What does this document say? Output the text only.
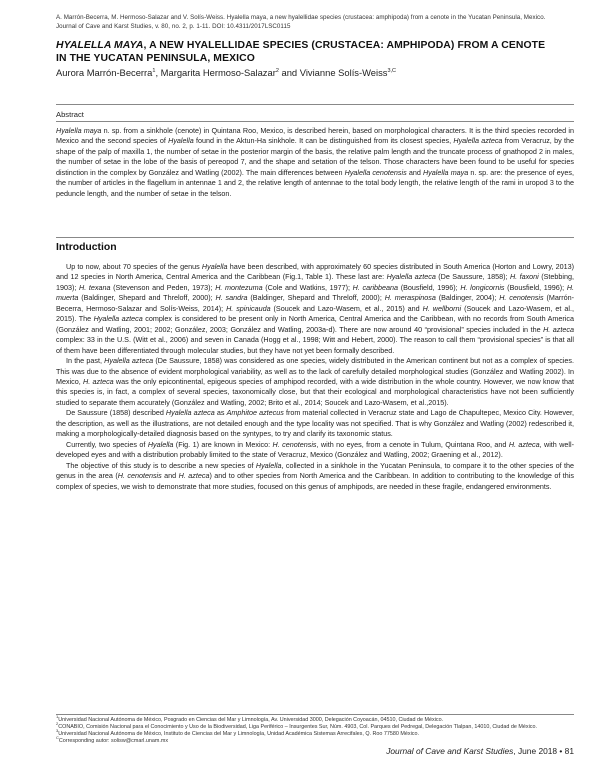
A. Marrón-Becerra, M. Hermoso-Salazar and V. Solís-Weiss. Hyalella maya, a new hyalellidae species (crustacea: amphipoda) from a cenote in the Yucatan Peninsula, Mexico. Journal of Cave and Karst Studies, v. 80, no. 2, p. 1-11. DOI: 10.4311/2017LSC0115
HYALELLA MAYA, A NEW HYALELLIDAE SPECIES (CRUSTACEA: AMPHIPODA) FROM A CENOTE IN THE YUCATAN PENINSULA, MEXICO
Aurora Marrón-Becerra$^1$, Margarita Hermoso-Salazar$^2$ and Vivianne Solís-Weiss$^{3,C}$
Abstract
Hyalella maya n. sp. from a sinkhole (cenote) in Quintana Roo, Mexico, is described herein, based on morphological characters. It is the third species recorded in Mexico and the second species of Hyalella found in the Aktun-Ha sinkhole. It can be distinguished from its closest species, Hyalella azteca from Veracruz, by the shape of the palp of maxilla 1, the number of setae in the posterior margin of the basis, the relative palm length and the truncate process of gnathopod 2 in males, the number of setae in the lobe of the basis of pereopod 7, and the shape and setation of the telson. Those characters have been found to be useful for species distinction in the complex by González and Watling (2002). The main differences between Hyalella cenotensis and Hyalella maya n. sp. are: the presence of eyes, the number of articles in the flagellum in antennae 1 and 2, the relative length of antennae to the total body length, the relative length of the rami in uropod 3 to the peduncle length, and the number of setae in the telson.
Introduction

Up to now, about 70 species of the genus Hyalella have been described, with approximately 60 species distributed in South America (Horton and Lowry, 2013) and 12 species in North America, Central America and the Caribbean (Fig.1, Table 1). These last are: Hyalella azteca (De Saussure, 1858); H. faxoni (Stebbing, 1903); H. texana (Stevenson and Peden, 1973); H. montezuma (Cole and Watkins, 1977); H. caribbeana (Bousfield, 1996); H. longicornis (Bousfield, 1996); H. muerta (Baldinger, Shepard and Threloff, 2000); H. sandra (Baldinger, Shepard and Threloff, 2000); H. meraspinosa (Baldinger, 2004); H. cenotensis (Marrón-Becerra, Hermoso-Salazar and Solís-Weiss, 2014); H. spinicauda (Soucek and Lazo-Wasem, et al., 2015) and H. wellborni (Soucek and Lazo-Wasem, et al., 2015). The Hyalella azteca complex is considered to be present only in North America, Central America and the Caribbean, with no records from South America (González and Watling, 2001; 2002; González, 2003; González and Watling, 2003a-d). There are now around 40 “provisional” species included in the H. azteca complex: 33 in the U.S. (Witt et al., 2006) and seven in Canada (Hogg et al., 1998; Witt and Hebert, 2000). The reason to call them “provisional species” is that all of them have been differentiated through molecular studies, but they have not yet been formally described.

In the past, Hyalella azteca (De Saussure, 1858) was considered as one species, widely distributed in the American continent but not as a complex of species. This was due to the absence of evident morphological variability, as well as to the lack of carefully detailed morphological studies (González and Watling 2002). In Mexico, H. azteca was the only epicontinental, epigeous species of amphipod recorded, with a wide distribution in the whole country. However, we now know that this species is, in fact, a complex of several species, taxonomically close, but that their ecological and morphological characteristics have not been sufficiently studied to separate them accurately (González and Watling, 2002; Brito et al., 2014; Soucek and Lazo-Wasem, et al.,2015).

De Saussure (1858) described Hyalella azteca as Amphitoe aztecus from material collected in Veracruz state and Lago de Chapultepec, Mexico City. However, the description, as well as the illustrations, are not detailed enough and the type locality was not specified. That is why González and Watling (2002) redescribed it, making a morphologically-detailed diagnosis based on the syntypes, to try and clarify its taxonomic status.

Currently, two species of Hyalella (Fig. 1) are known in Mexico: H. cenotensis, with no eyes, from a cenote in Tulum, Quintana Roo, and H. azteca, with well-developed eyes and with a distribution probably limited to the state of Veracruz, Mexico (González and Watling, 2002; Graening et al., 2012).

The objective of this study is to describe a new species of Hyalella, collected in a sinkhole in the Yucatan Peninsula, to compare it to the other species of the genus in the area (H. cenotensis and H. azteca) and to other species from North America and the Caribbean. In addition to contributing to the knowledge of this complex of species, we wish to demonstrate that more studies, focused on this genus of amphipods, are needed in these fragile, endangered environments.

$^1$Universidad Nacional Autónoma de México, Posgrado en Ciencias del Mar y Limnología, Av. Universidad 3000, Delegación Coyoacán, 04510, Ciudad de México.
$^2$CONABIO, Comisión Nacional para el Conocimiento y Uso de la Biodiversidad, Liga Periférico – Insurgentes Sur, Núm. 4903, Col. Parques del Pedregal, Delegación Tlalpan, 14010, Ciudad de México.
$^3$Universidad Nacional Autónoma de México, Instituto de Ciencias del Mar y Limnología, Unidad Académica Sistemas Arrecifales, Q. Roo 77580 México.
$^C$Corresponding autor: solisw@cmarl.unam.mx
Journal of Cave and Karst Studies, June 2018 • 81
